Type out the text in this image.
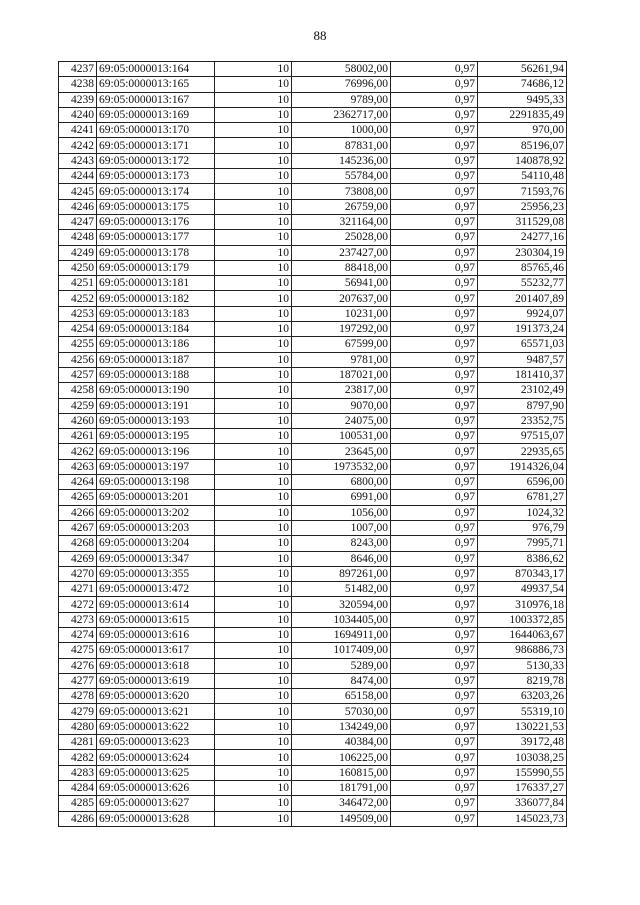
88
4237	69:05:0000013:164	10	58002,00	0,97	56261,94
4238	69:05:0000013:165	10	76996,00	0,97	74686,12
4239	69:05:0000013:167	10	9789,00	0,97	9495,33
4240	69:05:0000013:169	10	2362717,00	0,97	2291835,49
4241	69:05:0000013:170	10	1000,00	0,97	970,00
4242	69:05:0000013:171	10	87831,00	0,97	85196,07
4243	69:05:0000013:172	10	145236,00	0,97	140878,92
4244	69:05:0000013:173	10	55784,00	0,97	54110,48
4245	69:05:0000013:174	10	73808,00	0,97	71593,76
4246	69:05:0000013:175	10	26759,00	0,97	25956,23
4247	69:05:0000013:176	10	321164,00	0,97	311529,08
4248	69:05:0000013:177	10	25028,00	0,97	24277,16
4249	69:05:0000013:178	10	237427,00	0,97	230304,19
4250	69:05:0000013:179	10	88418,00	0,97	85765,46
4251	69:05:0000013:181	10	56941,00	0,97	55232,77
4252	69:05:0000013:182	10	207637,00	0,97	201407,89
4253	69:05:0000013:183	10	10231,00	0,97	9924,07
4254	69:05:0000013:184	10	197292,00	0,97	191373,24
4255	69:05:0000013:186	10	67599,00	0,97	65571,03
4256	69:05:0000013:187	10	9781,00	0,97	9487,57
4257	69:05:0000013:188	10	187021,00	0,97	181410,37
4258	69:05:0000013:190	10	23817,00	0,97	23102,49
4259	69:05:0000013:191	10	9070,00	0,97	8797,90
4260	69:05:0000013:193	10	24075,00	0,97	23352,75
4261	69:05:0000013:195	10	100531,00	0,97	97515,07
4262	69:05:0000013:196	10	23645,00	0,97	22935,65
4263	69:05:0000013:197	10	1973532,00	0,97	1914326,04
4264	69:05:0000013:198	10	6800,00	0,97	6596,00
4265	69:05:0000013:201	10	6991,00	0,97	6781,27
4266	69:05:0000013:202	10	1056,00	0,97	1024,32
4267	69:05:0000013:203	10	1007,00	0,97	976,79
4268	69:05:0000013:204	10	8243,00	0,97	7995,71
4269	69:05:0000013:347	10	8646,00	0,97	8386,62
4270	69:05:0000013:355	10	897261,00	0,97	870343,17
4271	69:05:0000013:472	10	51482,00	0,97	49937,54
4272	69:05:0000013:614	10	320594,00	0,97	310976,18
4273	69:05:0000013:615	10	1034405,00	0,97	1003372,85
4274	69:05:0000013:616	10	1694911,00	0,97	1644063,67
4275	69:05:0000013:617	10	1017409,00	0,97	986886,73
4276	69:05:0000013:618	10	5289,00	0,97	5130,33
4277	69:05:0000013:619	10	8474,00	0,97	8219,78
4278	69:05:0000013:620	10	65158,00	0,97	63203,26
4279	69:05:0000013:621	10	57030,00	0,97	55319,10
4280	69:05:0000013:622	10	134249,00	0,97	130221,53
4281	69:05:0000013:623	10	40384,00	0,97	39172,48
4282	69:05:0000013:624	10	106225,00	0,97	103038,25
4283	69:05:0000013:625	10	160815,00	0,97	155990,55
4284	69:05:0000013:626	10	181791,00	0,97	176337,27
4285	69:05:0000013:627	10	346472,00	0,97	336077,84
4286	69:05:0000013:628	10	149509,00	0,97	145023,73
